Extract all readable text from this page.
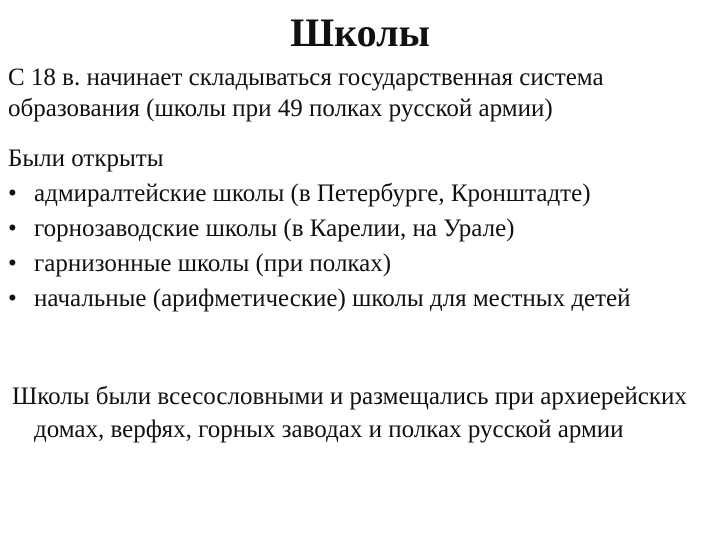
Школы

С 18 в. начинает складываться государственная система образования (школы при 49 полках русской армии)

Были открыты

• адмиралтейские школы (в Петербурге, Кронштадте)
• горнозаводские школы (в Карелии, на Урале)
• гарнизонные школы (при полках)
• начальные (арифметические) школы для местных детей

Школы были всесословными и размещались при архиерейских домах, верфях, горных заводах и полках русской армии
